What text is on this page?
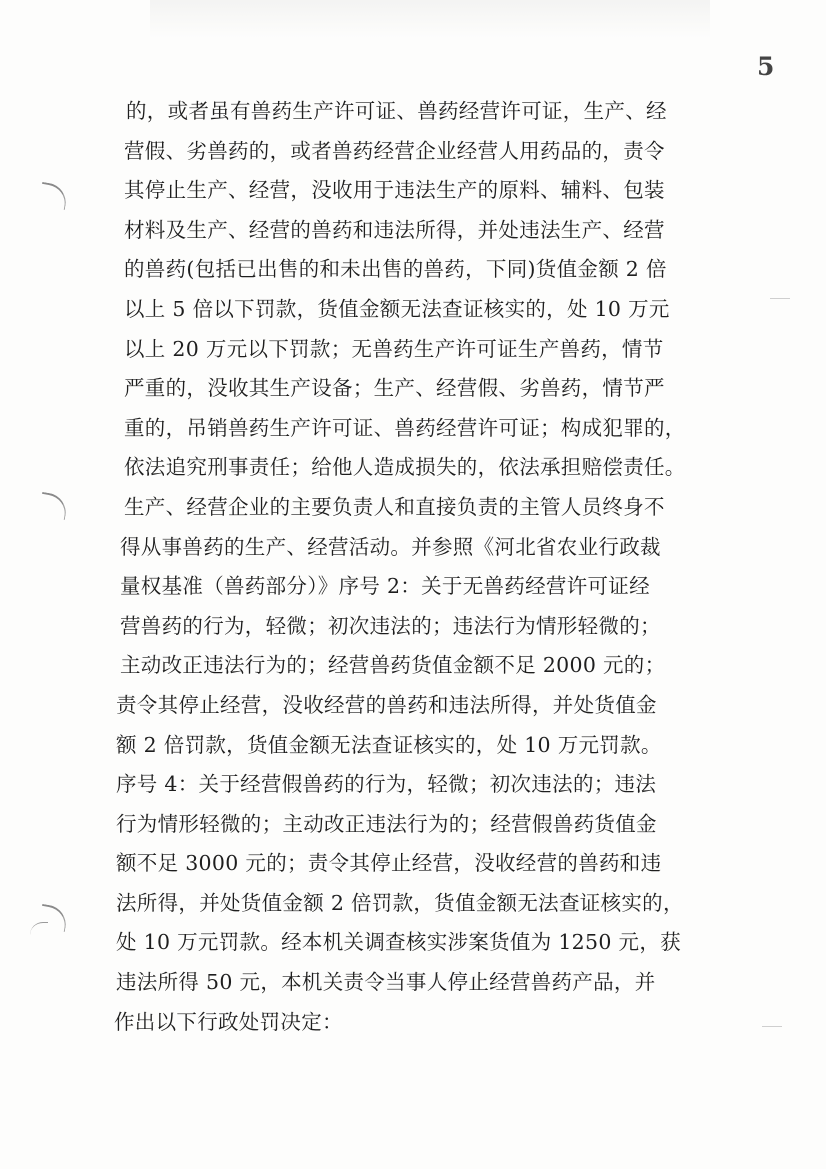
5
的，或者虽有兽药生产许可证、兽药经营许可证，生产、经
营假、劣兽药的，或者兽药经营企业经营人用药品的，责令
其停止生产、经营，没收用于违法生产的原料、辅料、包装
材料及生产、经营的兽药和违法所得，并处违法生产、经营
的兽药(包括已出售的和未出售的兽药，下同)货值金额 2 倍
以上 5 倍以下罚款，货值金额无法查证核实的，处 10 万元
以上 20 万元以下罚款；无兽药生产许可证生产兽药，情节
严重的，没收其生产设备；生产、经营假、劣兽药，情节严
重的，吊销兽药生产许可证、兽药经营许可证；构成犯罪的，
依法追究刑事责任；给他人造成损失的，依法承担赔偿责任。
生产、经营企业的主要负责人和直接负责的主管人员终身不
得从事兽药的生产、经营活动。并参照《河北省农业行政裁
量权基准（兽药部分）》序号 2：关于无兽药经营许可证经
营兽药的行为，轻微；初次违法的；违法行为情形轻微的；
主动改正违法行为的；经营兽药货值金额不足 2000 元的；
责令其停止经营，没收经营的兽药和违法所得，并处货值金
额 2 倍罚款，货值金额无法查证核实的，处 10 万元罚款。
序号 4：关于经营假兽药的行为，轻微；初次违法的；违法
行为情形轻微的；主动改正违法行为的；经营假兽药货值金
额不足 3000 元的；责令其停止经营，没收经营的兽药和违
法所得，并处货值金额 2 倍罚款，货值金额无法查证核实的，
处 10 万元罚款。经本机关调查核实涉案货值为 1250 元，获
违法所得 50 元，本机关责令当事人停止经营兽药产品，并
作出以下行政处罚决定：
